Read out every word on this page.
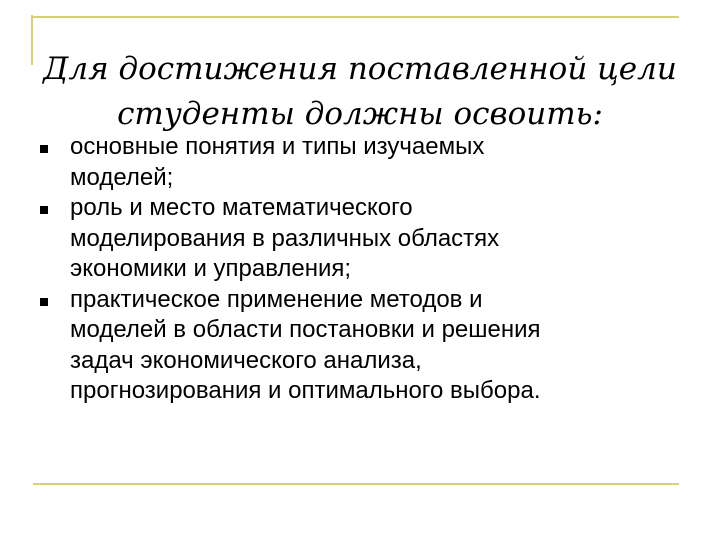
Для достижения поставленной цели
студенты должны освоить:
основные понятия и типы изучаемых
моделей;
роль и место математического
моделирования в различных областях
экономики и управления;
практическое применение методов и
моделей в области постановки и решения
задач экономического анализа,
прогнозирования и оптимального выбора.
